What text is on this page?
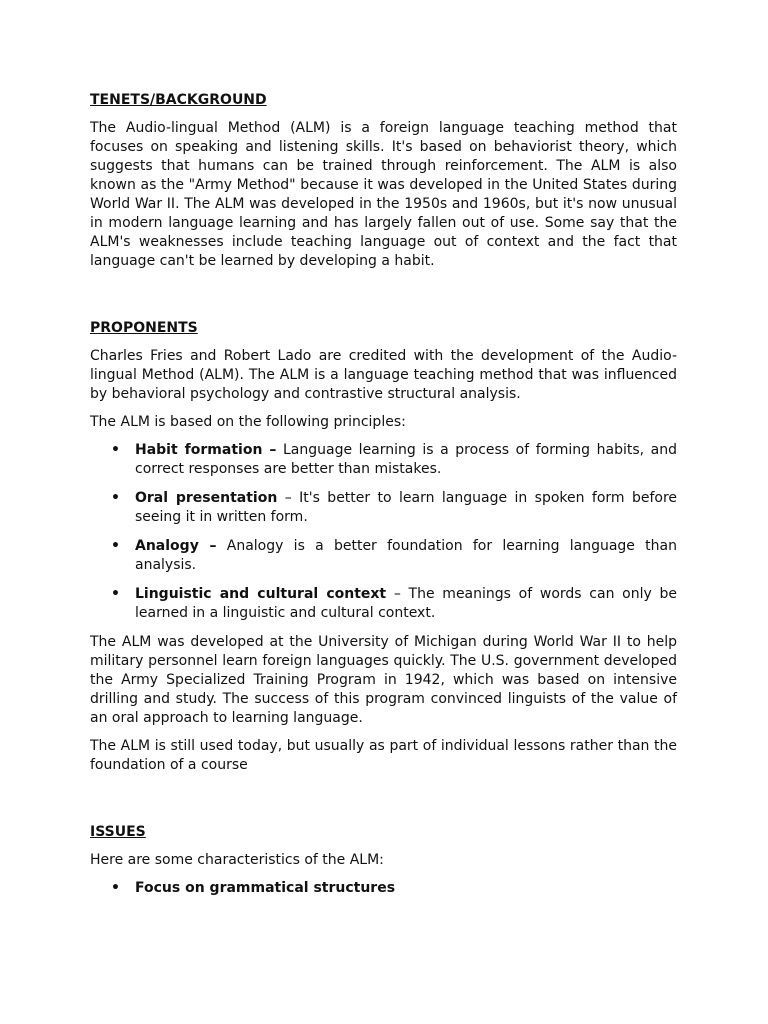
TENETS/BACKGROUND

The Audio-lingual Method (ALM) is a foreign language teaching method that focuses on speaking and listening skills. It's based on behaviorist theory, which suggests that humans can be trained through reinforcement. The ALM is also known as the "Army Method" because it was developed in the United States during World War II. The ALM was developed in the 1950s and 1960s, but it's now unusual in modern language learning and has largely fallen out of use. Some say that the ALM's weaknesses include teaching language out of context and the fact that language can't be learned by developing a habit.

PROPONENTS

Charles Fries and Robert Lado are credited with the development of the Audio-lingual Method (ALM). The ALM is a language teaching method that was influenced by behavioral psychology and contrastive structural analysis.

The ALM is based on the following principles:

• Habit formation – Language learning is a process of forming habits, and correct responses are better than mistakes.
• Oral presentation – It's better to learn language in spoken form before seeing it in written form.
• Analogy – Analogy is a better foundation for learning language than analysis.
• Linguistic and cultural context – The meanings of words can only be learned in a linguistic and cultural context.

The ALM was developed at the University of Michigan during World War II to help military personnel learn foreign languages quickly. The U.S. government developed the Army Specialized Training Program in 1942, which was based on intensive drilling and study. The success of this program convinced linguists of the value of an oral approach to learning language.

The ALM is still used today, but usually as part of individual lessons rather than the foundation of a course

ISSUES

Here are some characteristics of the ALM:

• Focus on grammatical structures
